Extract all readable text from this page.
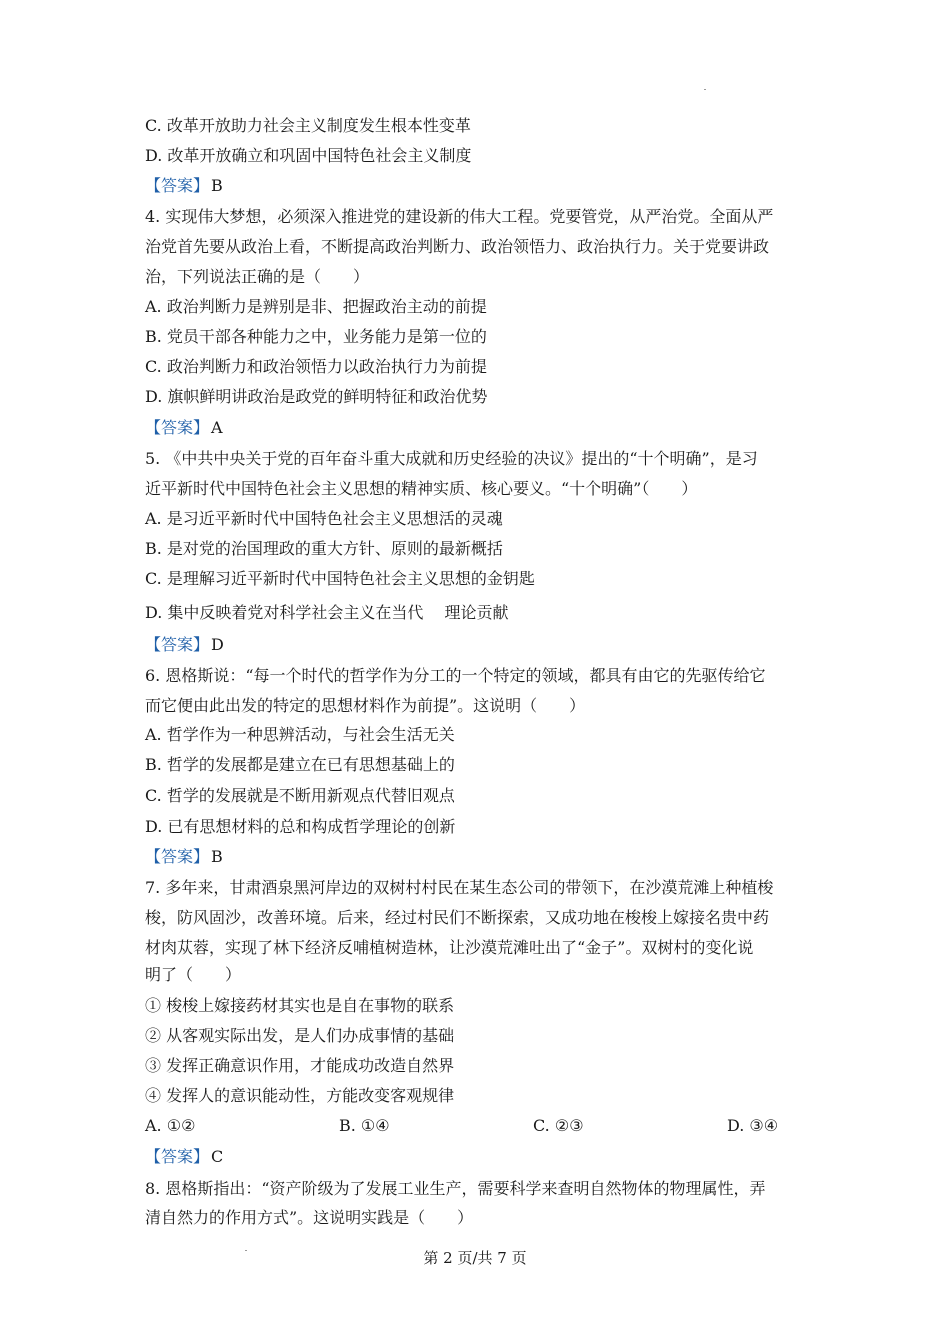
C. 改革开放助力社会主义制度发生根本性变革
D. 改革开放确立和巩固中国特色社会主义制度
【答案】 B
4. 实现伟大梦想，必须深入推进党的建设新的伟大工程。党要管党，从严治党。全面从严
治党首先要从政治上看，不断提高政治判断力、政治领悟力、政治执行力。关于党要讲政
治，下列说法正确的是（　　）
A. 政治判断力是辨别是非、把握政治主动的前提
B. 党员干部各种能力之中，业务能力是第一位的
C. 政治判断力和政治领悟力以政治执行力为前提
D. 旗帜鲜明讲政治是政党的鲜明特征和政治优势
【答案】 A
5. 《中共中央关于党的百年奋斗重大成就和历史经验的决议》提出的“十个明确”，是习
近平新时代中国特色社会主义思想的精神实质、核心要义。“十个明确”（　　）
A. 是习近平新时代中国特色社会主义思想活的灵魂
B. 是对党的治国理政的重大方针、原则的最新概括
C. 是理解习近平新时代中国特色社会主义思想的金钥匙
D. 集中反映着党对科学社会主义在当代　 理论贡献
【答案】 D
6. 恩格斯说：“每一个时代的哲学作为分工的一个特定的领域，都具有由它的先驱传给它
而它便由此出发的特定的思想材料作为前提”。这说明（　　）
A. 哲学作为一种思辨活动，与社会生活无关
B. 哲学的发展都是建立在已有思想基础上的
C. 哲学的发展就是不断用新观点代替旧观点
D. 已有思想材料的总和构成哲学理论的创新
【答案】 B
7. 多年来，甘肃酒泉黑河岸边的双树村村民在某生态公司的带领下，在沙漠荒滩上种植梭
梭，防风固沙，改善环境。后来，经过村民们不断探索，又成功地在梭梭上嫁接名贵中药
材肉苁蓉，实现了林下经济反哺植树造林，让沙漠荒滩吐出了“金子”。双树村的变化说
明了（　　）
① 梭梭上嫁接药材其实也是自在事物的联系
② 从客观实际出发，是人们办成事情的基础
③ 发挥正确意识作用，才能成功改造自然界
④ 发挥人的意识能动性，方能改变客观规律
A. ①②	B. ①④	C. ②③	D. ③④
【答案】 C
8. 恩格斯指出：“资产阶级为了发展工业生产，需要科学来查明自然物体的物理属性，弄
清自然力的作用方式”。这说明实践是（　　）
第 2 页/共 7 页
